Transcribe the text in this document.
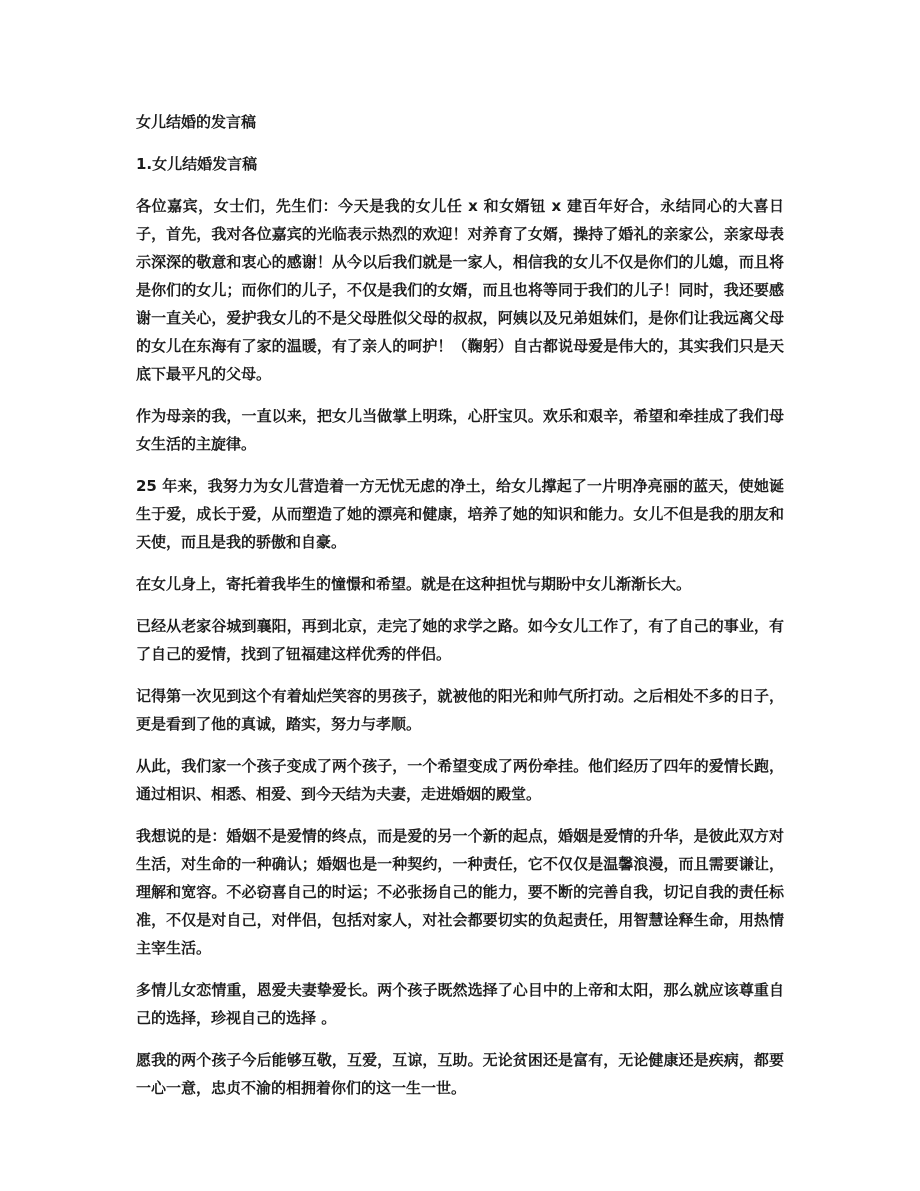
女儿结婚的发言稿

1.女儿结婚发言稿

各位嘉宾，女士们，先生们：今天是我的女儿任 x 和女婿钮 x 建百年好合，永结同心的大喜日子，首先，我对各位嘉宾的光临表示热烈的欢迎！对养育了女婿，操持了婚礼的亲家公，亲家母表示深深的敬意和衷心的感谢！从今以后我们就是一家人，相信我的女儿不仅是你们的儿媳，而且将是你们的女儿；而你们的儿子，不仅是我们的女婿，而且也将等同于我们的儿子！同时，我还要感谢一直关心，爱护我女儿的不是父母胜似父母的叔叔，阿姨以及兄弟姐妹们，是你们让我远离父母的女儿在东海有了家的温暖，有了亲人的呵护！（鞠躬）自古都说母爱是伟大的，其实我们只是天底下最平凡的父母。

作为母亲的我，一直以来，把女儿当做掌上明珠，心肝宝贝。欢乐和艰辛，希望和牵挂成了我们母女生活的主旋律。

25 年来，我努力为女儿营造着一方无忧无虑的净土，给女儿撑起了一片明净亮丽的蓝天，使她诞生于爱，成长于爱，从而塑造了她的漂亮和健康，培养了她的知识和能力。女儿不但是我的朋友和天使，而且是我的骄傲和自豪。

在女儿身上，寄托着我毕生的憧憬和希望。就是在这种担忧与期盼中女儿渐渐长大。

已经从老家谷城到襄阳，再到北京，走完了她的求学之路。如今女儿工作了，有了自己的事业，有了自己的爱情，找到了钮福建这样优秀的伴侣。

记得第一次见到这个有着灿烂笑容的男孩子，就被他的阳光和帅气所打动。之后相处不多的日子，更是看到了他的真诚，踏实，努力与孝顺。

从此，我们家一个孩子变成了两个孩子，一个希望变成了两份牵挂。他们经历了四年的爱情长跑，通过相识、相悉、相爱、到今天结为夫妻，走进婚姻的殿堂。

我想说的是：婚姻不是爱情的终点，而是爱的另一个新的起点，婚姻是爱情的升华，是彼此双方对生活，对生命的一种确认；婚姻也是一种契约，一种责任，它不仅仅是温馨浪漫，而且需要谦让，理解和宽容。不必窃喜自己的时运；不必张扬自己的能力，要不断的完善自我，切记自我的责任标准，不仅是对自己，对伴侣，包括对家人，对社会都要切实的负起责任，用智慧诠释生命，用热情主宰生活。

多情儿女恋情重，恩爱夫妻挚爱长。两个孩子既然选择了心目中的上帝和太阳，那么就应该尊重自己的选择，珍视自己的选择 。

愿我的两个孩子今后能够互敬，互爱，互谅，互助。无论贫困还是富有，无论健康还是疾病，都要一心一意，忠贞不渝的相拥着你们的这一生一世。
